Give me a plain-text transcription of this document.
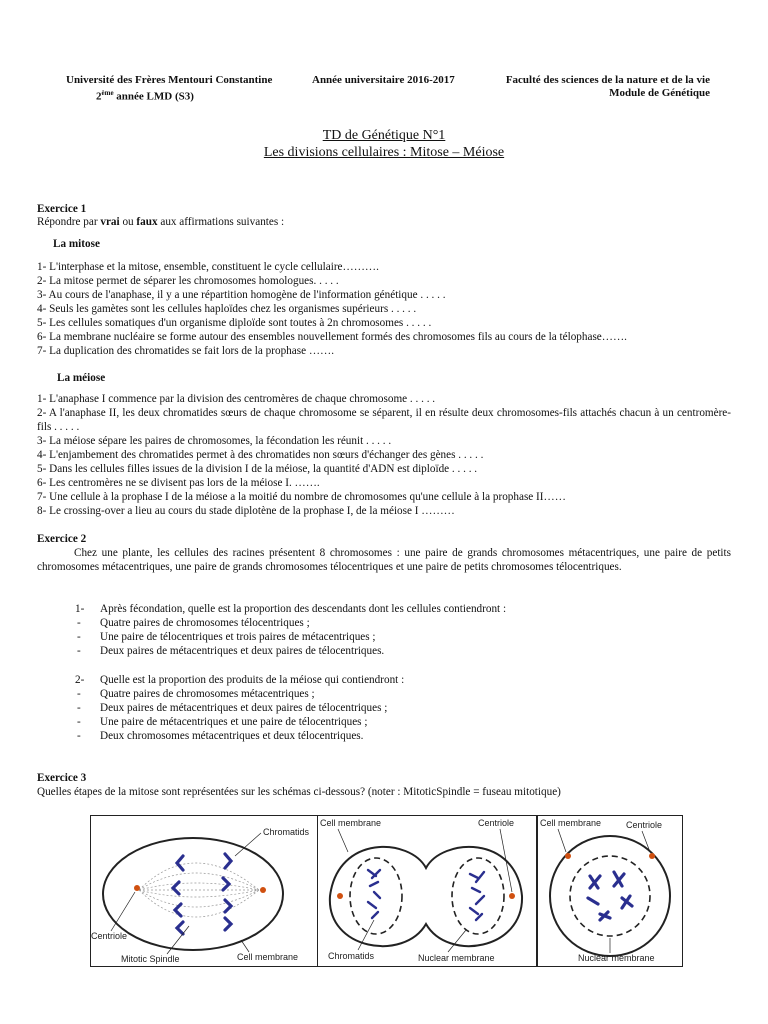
Université des Frères Mentouri Constantine
2ème année LMD (S3)
Année universitaire 2016-2017	Faculté des sciences de la nature et de la vie
Module de Génétique
TD de Génétique N°1
Les divisions cellulaires : Mitose – Méiose
Exercice 1
Répondre par vrai ou faux aux affirmations suivantes :
La mitose
1- L'interphase et la mitose, ensemble, constituent le cycle cellulaire……….
2- La mitose permet de séparer les chromosomes homologues. . . . .
3- Au cours de l'anaphase, il y a une répartition homogène de l'information génétique . . . . .
4- Seuls les gamètes sont les cellules haploïdes chez les organismes supérieurs . . . . .
5- Les cellules somatiques d'un organisme diploïde sont toutes à 2n chromosomes . . . . .
6- La membrane nucléaire se forme autour des ensembles nouvellement formés des chromosomes fils au cours de la télophase…….
7- La duplication des chromatides se fait lors de la prophase …….
La méiose
1- L'anaphase I commence par la division des centromères de chaque chromosome . . . . .
2- A l'anaphase II, les deux chromatides sœurs de chaque chromosome se séparent, il en résulte deux chromosomes-fils attachés chacun à un centromère-fils . . . . .
3- La méiose sépare les paires de chromosomes, la fécondation les réunit . . . . .
4- L'enjambement des chromatides permet à des chromatides non sœurs d'échanger des gènes . . . . .
5- Dans les cellules filles issues de la division I de la méiose, la quantité d'ADN est diploïde . . . . .
6- Les centromères ne se divisent pas lors de la méiose I. …….
7- Une cellule à la prophase I de la méiose a la moitié du nombre de chromosomes qu'une cellule à la prophase II……
8- Le crossing-over a lieu au cours du stade diplotène de la prophase I, de la méiose I ………
Exercice 2
Chez une plante, les cellules des racines présentent 8 chromosomes : une paire de grands chromosomes métacentriques, une paire de petits chromosomes métacentriques, une paire de grands chromosomes télocentriques et une paire de petits chromosomes télocentriques.
1- Après fécondation, quelle est la proportion des descendants dont les cellules contiendront :
- Quatre paires de chromosomes télocentriques ;
- Une paire de télocentriques et trois paires de métacentriques ;
- Deux paires de métacentriques et deux paires de télocentriques.
2- Quelle est la proportion des produits de la méiose qui contiendront :
- Quatre paires de chromosomes métacentriques ;
- Deux paires de métacentriques et deux paires de télocentriques ;
- Une paire de métacentriques et une paire de télocentriques ;
- Deux chromosomes métacentriques et deux télocentriques.
Exercice 3
Quelles étapes de la mitose sont représentées sur les schémas ci-dessous? (noter : MitoticSpindle = fuseau mitotique)
Chromatids
Centriole
Mitotic Spindle	Cell membrane
Cell membrane	Centriole
Chromatids	Nuclear membrane
Cell membrane	Centriole
Nuclear membrane
